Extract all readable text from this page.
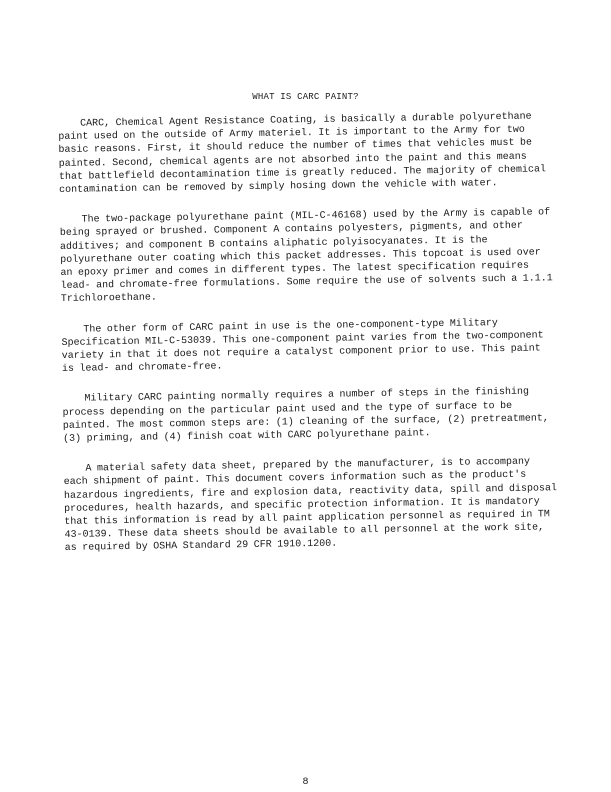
WHAT IS CARC PAINT?

CARC, Chemical Agent Resistance Coating, is basically a durable polyurethane paint used on the outside of Army materiel. It is important to the Army for two basic reasons. First, it should reduce the number of times that vehicles must be painted. Second, chemical agents are not absorbed into the paint and this means that battlefield decontamination time is greatly reduced. The majority of chemical contamination can be removed by simply hosing down the vehicle with water.

The two-package polyurethane paint (MIL-C-46168) used by the Army is capable of being sprayed or brushed. Component A contains polyesters, pigments, and other additives; and component B contains aliphatic polyisocyanates. It is the polyurethane outer coating which this packet addresses. This topcoat is used over an epoxy primer and comes in different types. The latest specification requires lead- and chromate-free formulations. Some require the use of solvents such a 1.1.1 Trichloroethane.

The other form of CARC paint in use is the one-component-type Military Specification MIL-C-53039. This one-component paint varies from the two-component variety in that it does not require a catalyst component prior to use. This paint is lead- and chromate-free.

Military CARC painting normally requires a number of steps in the finishing process depending on the particular paint used and the type of surface to be painted. The most common steps are: (1) cleaning of the surface, (2) pretreatment, (3) priming, and (4) finish coat with CARC polyurethane paint.

A material safety data sheet, prepared by the manufacturer, is to accompany each shipment of paint. This document covers information such as the product's hazardous ingredients, fire and explosion data, reactivity data, spill and disposal procedures, health hazards, and specific protection information. It is mandatory that this information is read by all paint application personnel as required in TM 43-0139. These data sheets should be available to all personnel at the work site, as required by OSHA Standard 29 CFR 1910.1200.

8
